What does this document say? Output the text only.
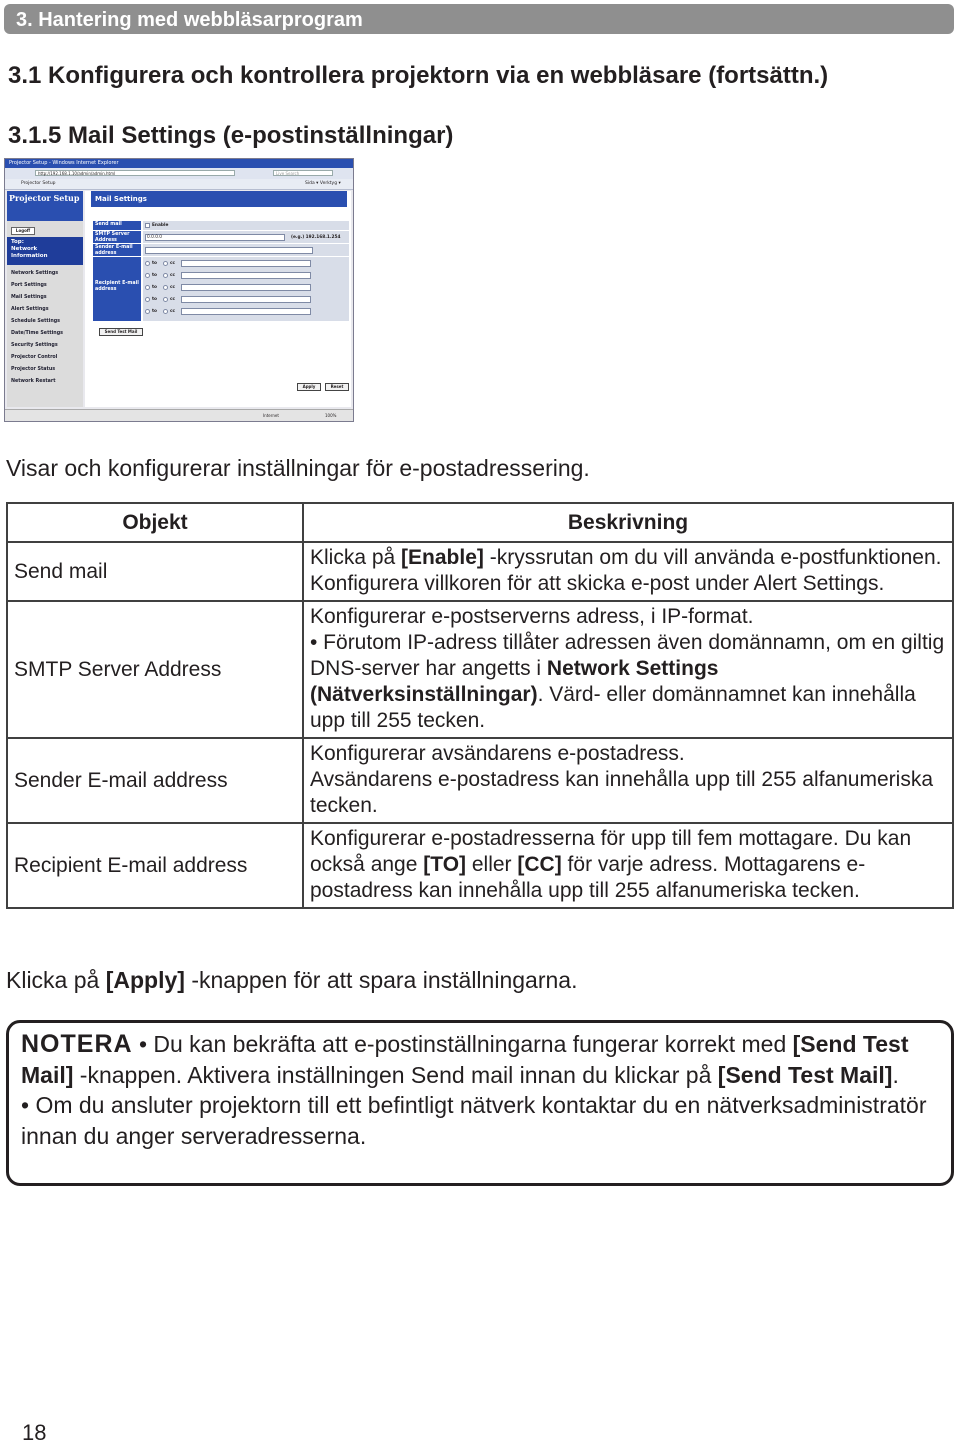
3. Hantering med webbläsarprogram
3.1 Konfigurera och kontrollera projektorn via en webbläsare (fortsättn.)
3.1.5 Mail Settings (e-postinställningar)
Projector Setup - Windows Internet Explorer
http://192.168.1.10/admin/admin.html	Live Search
Projector Setup	Sida ▾ Verktyg ▾
Projector Setup
Logoff
Top:
Network
Information
Network Settings
Port Settings
Mail Settings
Alert Settings
Schedule Settings
Date/Time Settings
Security Settings
Projector Control
Projector Status
Network Restart
Mail Settings
Send mail	Enable
SMTP Server Address	0.0.0.0	(e.g.) 192.168.1.254
Sender E-mail address
Recipient E-mail address
to	cc
to	cc
to	cc
to	cc
to	cc
Send Test Mail
Apply	Reset
Internet	100%
Visar och konfigurerar inställningar för e-postadressering.
Objekt	Beskrivning
Send mail	Klicka på [Enable] -kryssrutan om du vill använda e-postfunktionen. Konfigurera villkoren för att skicka e-post under Alert Settings.
SMTP Server Address	Konfigurerar e-postserverns adress, i IP-format.
• Förutom IP-adress tillåter adressen även domännamn, om en giltig DNS-server har angetts i Network Settings (Nätverksinställningar). Värd- eller domännamnet kan innehålla upp till 255 tecken.
Sender E-mail address	Konfigurerar avsändarens e-postadress.
Avsändarens e-postadress kan innehålla upp till 255 alfanumeriska tecken.
Recipient E-mail address	Konfigurerar e-postadresserna för upp till fem mottagare. Du kan också ange [TO] eller [CC] för varje adress. Mottagarens e-postadress kan innehålla upp till 255 alfanumeriska tecken.
Klicka på [Apply] -knappen för att spara inställningarna.
NOTERA • Du kan bekräfta att e-postinställningarna fungerar korrekt med [Send Test Mail] -knappen. Aktivera inställningen Send mail innan du klickar på [Send Test Mail].
• Om du ansluter projektorn till ett befintligt nätverk kontaktar du en nätverksadministratör innan du anger serveradresserna.
18
